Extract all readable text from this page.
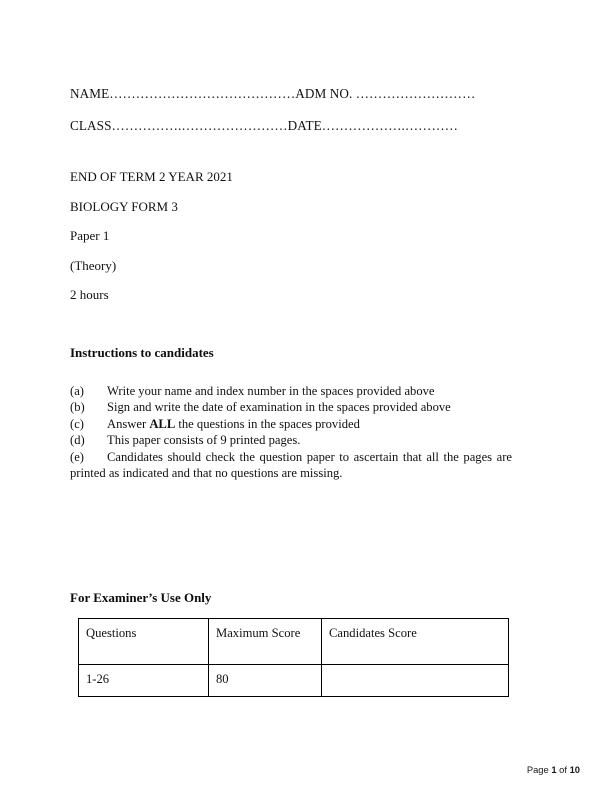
NAME……………………………………ADM NO. ………………………
CLASS…………….……………………DATE……………….…………
END OF TERM 2 YEAR 2021
BIOLOGY FORM 3
Paper 1
(Theory)
2 hours
Instructions to candidates
(a)	Write your name and index number in the spaces provided above
(b)	Sign and write the date of examination in the spaces provided above
(c)	Answer ALL the questions in the spaces provided
(d)	This paper consists of 9 printed pages.
(e) Candidates should check the question paper to ascertain that all the pages are printed as indicated and that no questions are missing.
For Examiner’s Use Only
Questions	Maximum Score	Candidates Score
1-26	80	
Page 1 of 10
